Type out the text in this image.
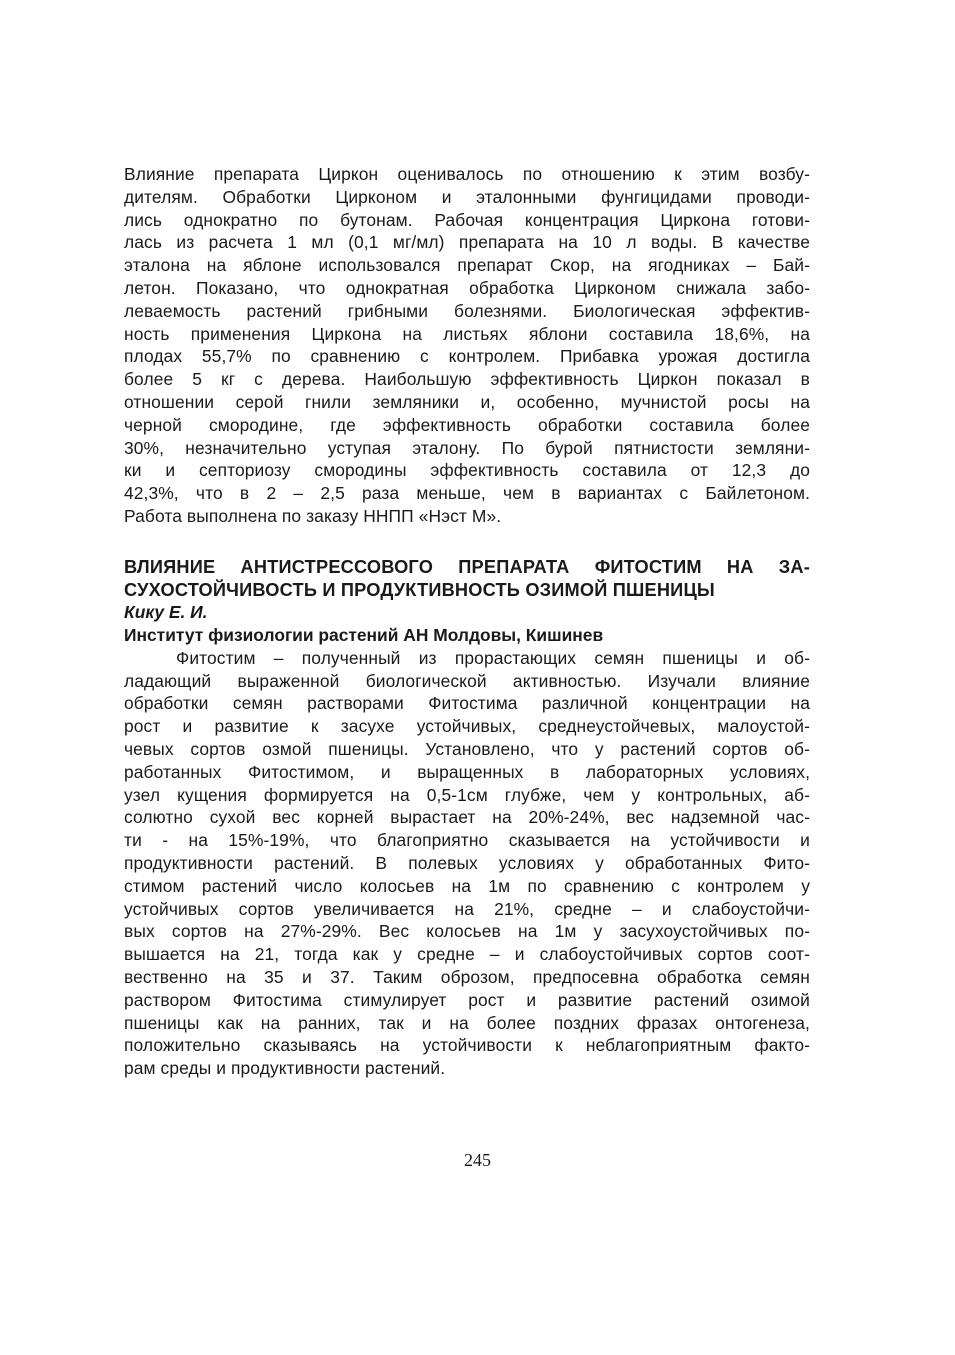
Влияние препарата Циркон оценивалось по отношению к этим возбу-
дителям. Обработки Цирконом и эталонными фунгицидами проводи-
лись однократно по бутонам. Рабочая концентрация Циркона готови-
лась из расчета 1 мл (0,1 мг/мл) препарата на 10 л воды. В качестве
эталона на яблоне использовался препарат Скор, на ягодниках – Бай-
летон. Показано, что однократная обработка Цирконом снижала забо-
леваемость растений грибными болезнями. Биологическая эффектив-
ность применения Циркона на листьях яблони составила 18,6%, на
плодах 55,7% по сравнению с контролем. Прибавка урожая достигла
более 5 кг с дерева. Наибольшую эффективность Циркон показал в
отношении серой гнили земляники и, особенно, мучнистой росы на
черной смородине, где эффективность обработки составила более
30%, незначительно уступая эталону. По бурой пятнистости земляни-
ки и септориозу смородины эффективность составила от 12,3 до
42,3%, что в 2 – 2,5 раза меньше, чем в вариантах с Байлетоном.
Работа выполнена по заказу ННПП «Нэст М».
ВЛИЯНИЕ АНТИСТРЕССОВОГО ПРЕПАРАТА ФИТОСТИМ НА ЗА-
СУХОСТОЙЧИВОСТЬ И ПРОДУКТИВНОСТЬ ОЗИМОЙ ПШЕНИЦЫ
Кику Е. И.
Институт физиологии растений АН Молдовы, Кишинев
Фитостим – полученный из прорастающих семян пшеницы и об-
ладающий выраженной биологической активностью. Изучали влияние
обработки семян растворами Фитостима различной концентрации на
рост и развитие к засухе устойчивых, среднеустойчевых, малоустой-
чевых сортов озмой пшеницы. Установлено, что у растений сортов об-
работанных Фитостимом, и выращенных в лабораторных условиях,
узел кущения формируется на 0,5-1см глубже, чем у контрольных, аб-
солютно сухой вес корней вырастает на 20%-24%, вес надземной час-
ти - на 15%-19%, что благоприятно сказывается на устойчивости и
продуктивности растений. В полевых условиях у обработанных Фито-
стимом растений число колосьев на 1м по сравнению с контролем у
устойчивых сортов увеличивается на 21%, средне – и слабоустойчи-
вых сортов на 27%-29%. Вес колосьев на 1м у засухоустойчивых по-
вышается на 21, тогда как у средне – и слабоустойчивых сортов соот-
вественно на 35 и 37. Таким оброзом, предпосевна обработка семян
раствором Фитостима стимулирует рост и развитие растений озимой
пшеницы как на ранних, так и на более поздних фразах онтогенеза,
положительно сказываясь на устойчивости к неблагоприятным факто-
рам среды и продуктивности растений.
245
